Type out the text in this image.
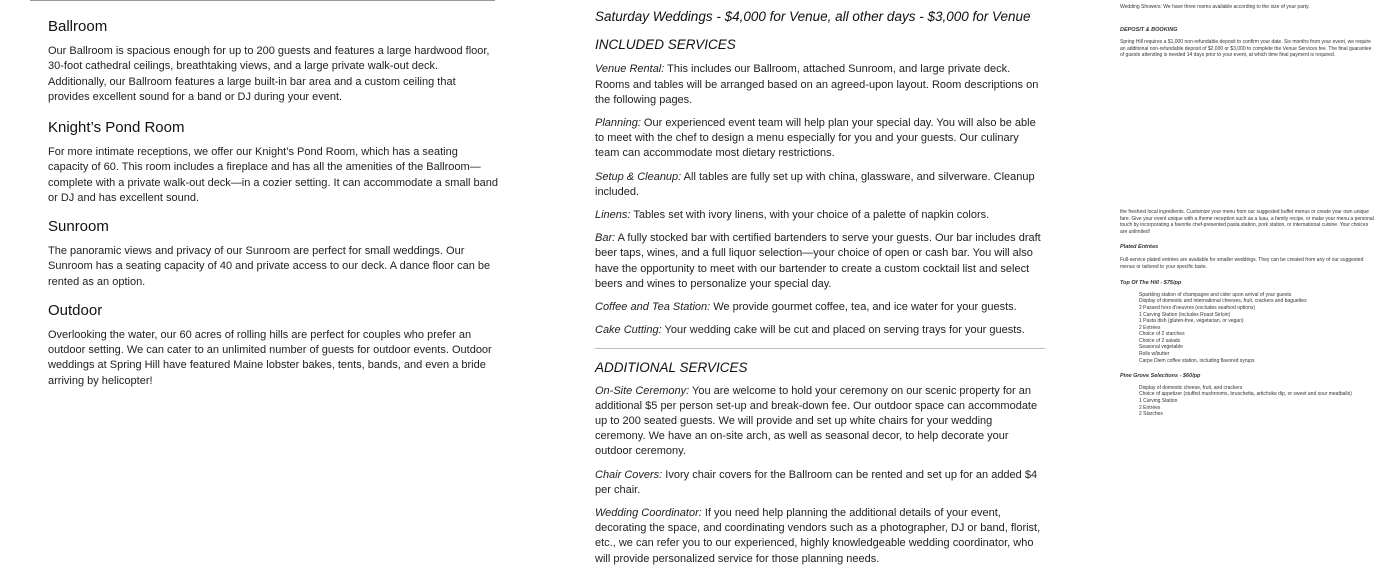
Ballroom

Our Ballroom is spacious enough for up to 200 guests and features a large hardwood floor, 30-foot cathedral ceilings, breathtaking views, and a large private walk-out deck. Additionally, our Ballroom features a large built-in bar area and a custom ceiling that provides excellent sound for a band or DJ during your event.

Knight’s Pond Room

For more intimate receptions, we offer our Knight’s Pond Room, which has a seating capacity of 60. This room includes a fireplace and has all the amenities of the Ballroom—complete with a private walk-out deck—in a cozier setting. It can accommodate a small band or DJ and has excellent sound.

Sunroom

The panoramic views and privacy of our Sunroom are perfect for small weddings. Our Sunroom has a seating capacity of 40 and private access to our deck. A dance floor can be rented as an option.

Outdoor

Overlooking the water, our 60 acres of rolling hills are perfect for couples who prefer an outdoor setting. We can cater to an unlimited number of guests for outdoor events. Outdoor weddings at Spring Hill have featured Maine lobster bakes, tents, bands, and even a bride arriving by helicopter!

Saturday Weddings - $4,000 for Venue, all other days - $3,000 for Venue
INCLUDED SERVICES

Venue Rental: This includes our Ballroom, attached Sunroom, and large private deck. Rooms and tables will be arranged based on an agreed-upon layout. Room descriptions on the following pages.

Planning: Our experienced event team will help plan your special day. You will also be able to meet with the chef to design a menu especially for you and your guests. Our culinary team can accommodate most dietary restrictions.

Setup & Cleanup: All tables are fully set up with china, glassware, and silverware. Cleanup included.

Linens: Tables set with ivory linens, with your choice of a palette of napkin colors.

Bar: A fully stocked bar with certified bartenders to serve your guests. Our bar includes draft beer taps, wines, and a full liquor selection—your choice of open or cash bar. You will also have the opportunity to meet with our bartender to create a custom cocktail list and select beers and wines to personalize your special day.

Coffee and Tea Station: We provide gourmet coffee, tea, and ice water for your guests.

Cake Cutting: Your wedding cake will be cut and placed on serving trays for your guests.

ADDITIONAL SERVICES

On-Site Ceremony: You are welcome to hold your ceremony on our scenic property for an additional $5 per person set-up and break-down fee. Our outdoor space can accommodate up to 200 seated guests. We will provide and set up white chairs for your wedding ceremony. We have an on-site arch, as well as seasonal decor, to help decorate your outdoor ceremony.

Chair Covers: Ivory chair covers for the Ballroom can be rented and set up for an added $4 per chair.

Wedding Coordinator: If you need help planning the additional details of your event, decorating the space, and coordinating vendors such as a photographer, DJ or band, florist, etc., we can refer you to our experienced, highly knowledgeable wedding coordinator, who will provide personalized service for those planning needs.

Wedding Showers: We have three rooms available according to the size of your party.

DEPOSIT & BOOKING

Spring Hill requires a $1,000 non-refundable deposit to confirm your date. Six months from your event, we require an additional non-refundable deposit of $2,000 or $3,000 to complete the Venue Services fee. The final guarantee of guests attending is needed 14 days prior to your event, at which time final payment is required.

the freshest local ingredients. Customize your menu from our suggested buffet menus or create your own unique fare. Give your event unique with a theme reception such as a luau, a family recipe, or make your menu a personal touch by incorporating a favorite chef-presented pasta station, pork station, or international cuisine. Your choices are unlimited!

Plated Entrées

Full-service plated entrées are available for smaller weddings. They can be created from any of our suggested menus or tailored to your specific taste.

Top Of The Hill - $75/pp

Sparkling station of champagne and cider upon arrival of your guests
Display of domestic and international cheeses, fruit, crackers and baguettes
2 Passed hors d'oeuvres (excludes seafood options)
1 Carving Station (includes Roast Sirloin)
1 Pasta dish (gluten-free, vegetarian, or vegan)
2 Entrées
Choice of 2 starches
Choice of 2 salads
Seasonal vegetable
Rolls w/butter
Carpe Diem coffee station, including flavored syrups

Pine Grove Selections - $60/pp

Display of domestic cheese, fruit, and crackers
Choice of appetizer (stuffed mushrooms, bruschetta, artichoke dip, or sweet and sour meatballs)
1 Carving Station
2 Entrées
2 Starches
